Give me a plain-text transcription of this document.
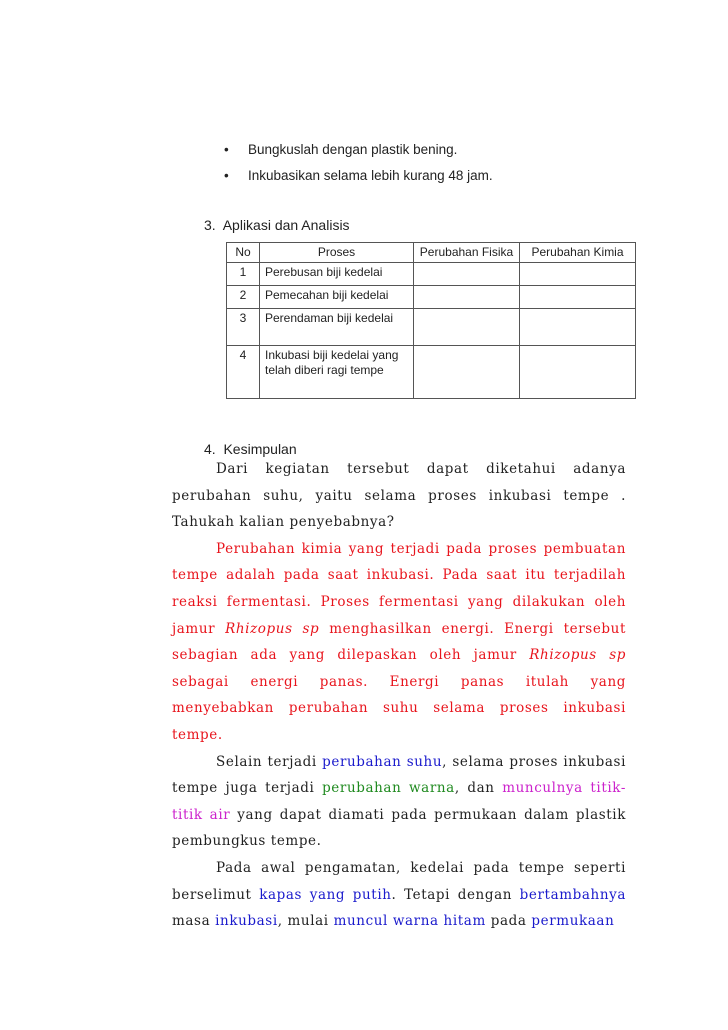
• Bungkuslah dengan plastik bening.
• Inkubasikan selama lebih kurang 48 jam.
3. Aplikasi dan Analisis
No	Proses	Perubahan Fisika	Perubahan Kimia
1	Perebusan biji kedelai		
2	Pemecahan biji kedelai		
3	Perendaman biji kedelai		
4	Inkubasi biji kedelai yang telah diberi ragi tempe		
4. Kesimpulan

Dari kegiatan tersebut dapat diketahui adanya perubahan suhu, yaitu selama proses inkubasi tempe . Tahukah kalian penyebabnya?

Perubahan kimia yang terjadi pada proses pembuatan tempe adalah pada saat inkubasi. Pada saat itu terjadilah reaksi fermentasi. Proses fermentasi yang dilakukan oleh jamur Rhizopus sp menghasilkan energi. Energi tersebut sebagian ada yang dilepaskan oleh jamur Rhizopus sp sebagai energi panas. Energi panas itulah yang menyebabkan perubahan suhu selama proses inkubasi tempe.

Selain terjadi perubahan suhu, selama proses inkubasi tempe juga terjadi perubahan warna, dan munculnya titik-titik air yang dapat diamati pada permukaan dalam plastik pembungkus tempe.

Pada awal pengamatan, kedelai pada tempe seperti berselimut kapas yang putih. Tetapi dengan bertambahnya masa inkubasi, mulai muncul warna hitam pada permukaan
